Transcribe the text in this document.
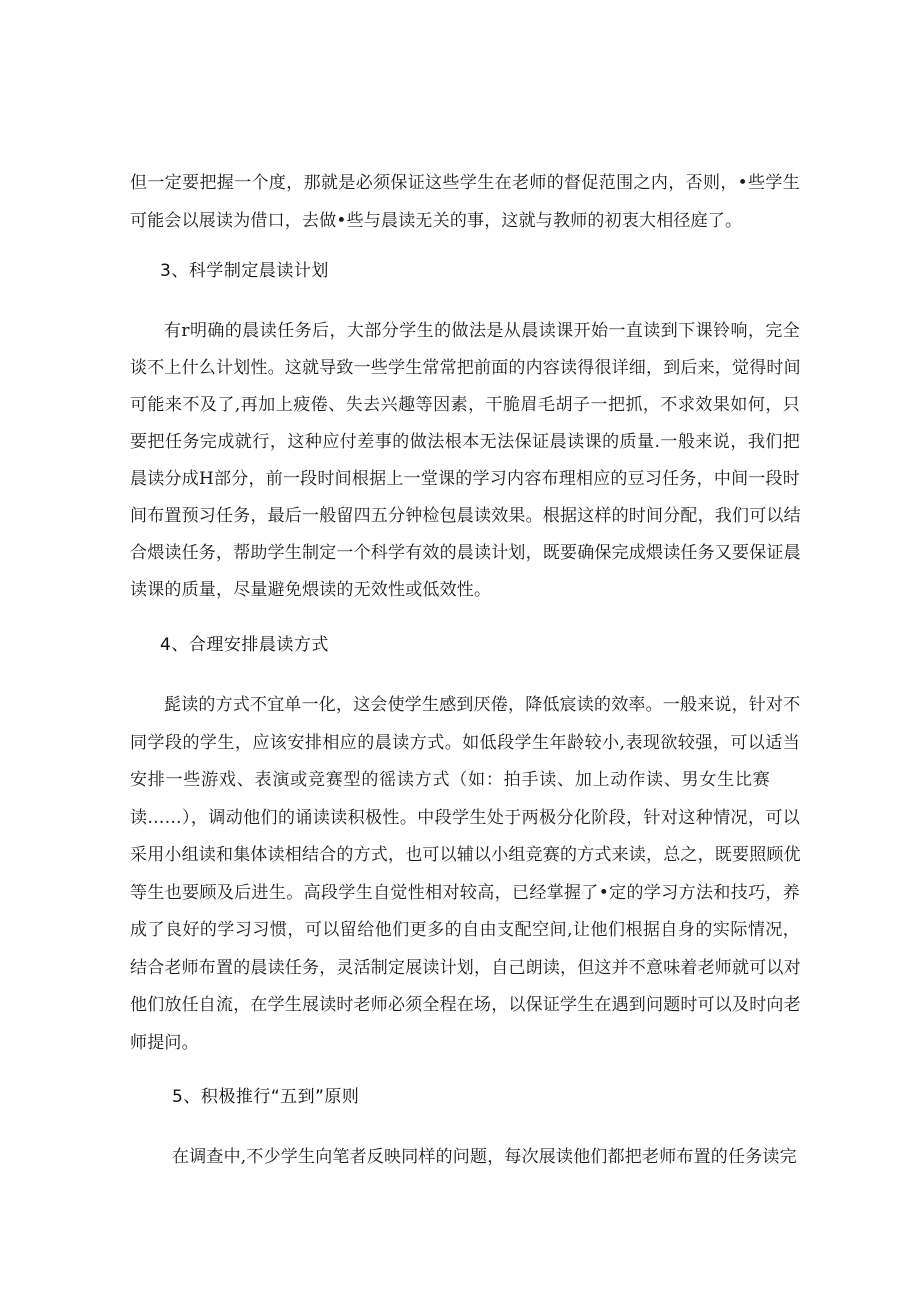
但一定要把握一个度，那就是必须保证这些学生在老师的督促范围之内，否则，•些学生
可能会以展读为借口，去做•些与晨读无关的事，这就与教师的初衷大相径庭了。
3、科学制定晨读计划
有r明确的晨读任务后，大部分学生的做法是从晨读课开始一直读到下课铃响，完全
谈不上什么计划性。这就导致一些学生常常把前面的内容读得很详细，到后来，觉得时间
可能来不及了,再加上疲倦、失去兴趣等因素，干脆眉毛胡子一把抓，不求效果如何，只
要把任务完成就行，这种应付差事的做法根本无法保证晨读课的质量.一般来说，我们把
晨读分成H部分，前一段时间根据上一堂课的学习内容布理相应的豆习任务，中间一段时
间布置预习任务，最后一般留四五分钟检包晨读效果。根据这样的时间分配，我们可以结
合煨读任务，帮助学生制定一个科学有效的晨读计划，既要确保完成煨读任务又要保证晨
读课的质量，尽量避免煨读的无效性或低效性。
4、合理安排晨读方式
髭读的方式不宜单一化，这会使学生感到厌倦，降低宸读的效率。一般来说，针对不
同学段的学生，应该安排相应的晨读方式。如低段学生年龄较小,表现欲较强，可以适当
安排一些游戏、表演或竞赛型的徭读方式（如：拍手读、加上动作读、男女生比赛
读……），调动他们的诵读读积极性。中段学生处于两极分化阶段，针对这种情况，可以
采用小组读和集体读相结合的方式，也可以辅以小组竞赛的方式来读，总之，既要照顾优
等生也要顾及后进生。高段学生自觉性相对较高，已经掌握了•定的学习方法和技巧，养
成了良好的学习习惯，可以留给他们更多的自由支配空间,让他们根据自身的实际情况，
结合老师布置的晨读任务，灵活制定展读计划，自己朗读，但这并不意味着老师就可以对
他们放任自流，在学生展读时老师必须全程在场，以保证学生在遇到问题时可以及时向老
师提问。
5、积极推行“五到”原则
在调查中,不少学生向笔者反映同样的问题，每次展读他们都把老师布置的任务读完
